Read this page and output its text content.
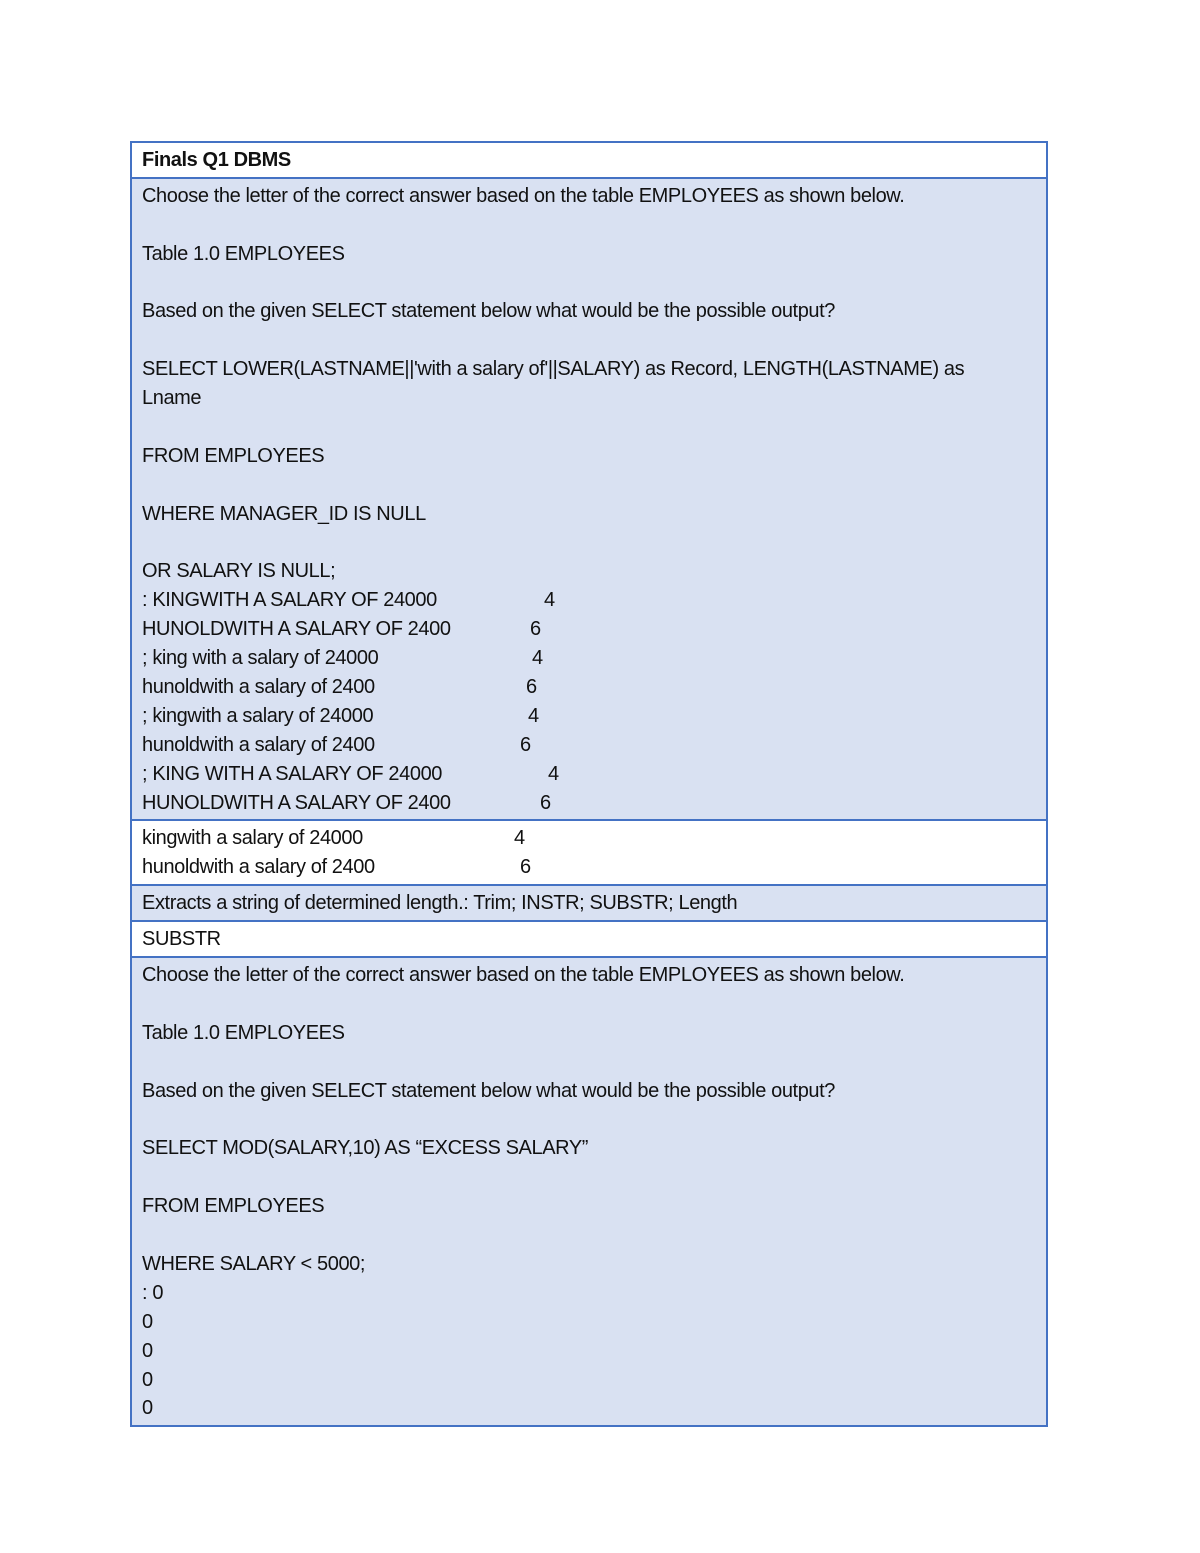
Finals Q1 DBMS
Choose the letter of the correct answer based on the table EMPLOYEES as shown below.
Table 1.0 EMPLOYEES
Based on the given SELECT statement below what would be the possible output?
SELECT LOWER(LASTNAME||'with a salary of'||SALARY) as Record, LENGTH(LASTNAME) as
Lname
FROM EMPLOYEES
WHERE MANAGER_ID IS NULL
OR SALARY IS NULL;
: KINGWITH A SALARY OF 24000	4
HUNOLDWITH A SALARY OF 2400	6
; king with a salary of 24000	4
hunoldwith a salary of 2400	6
; kingwith a salary of 24000	4
hunoldwith a salary of 2400	6
; KING WITH A SALARY OF 24000	4
HUNOLDWITH A SALARY OF 2400	6
kingwith a salary of 24000	4
hunoldwith a salary of 2400	6
Extracts a string of determined length.: Trim; INSTR; SUBSTR; Length
SUBSTR
Choose the letter of the correct answer based on the table EMPLOYEES as shown below.
Table 1.0 EMPLOYEES
Based on the given SELECT statement below what would be the possible output?
SELECT MOD(SALARY,10) AS “EXCESS SALARY”
FROM EMPLOYEES
WHERE SALARY < 5000;
: 0
0
0
0
0
